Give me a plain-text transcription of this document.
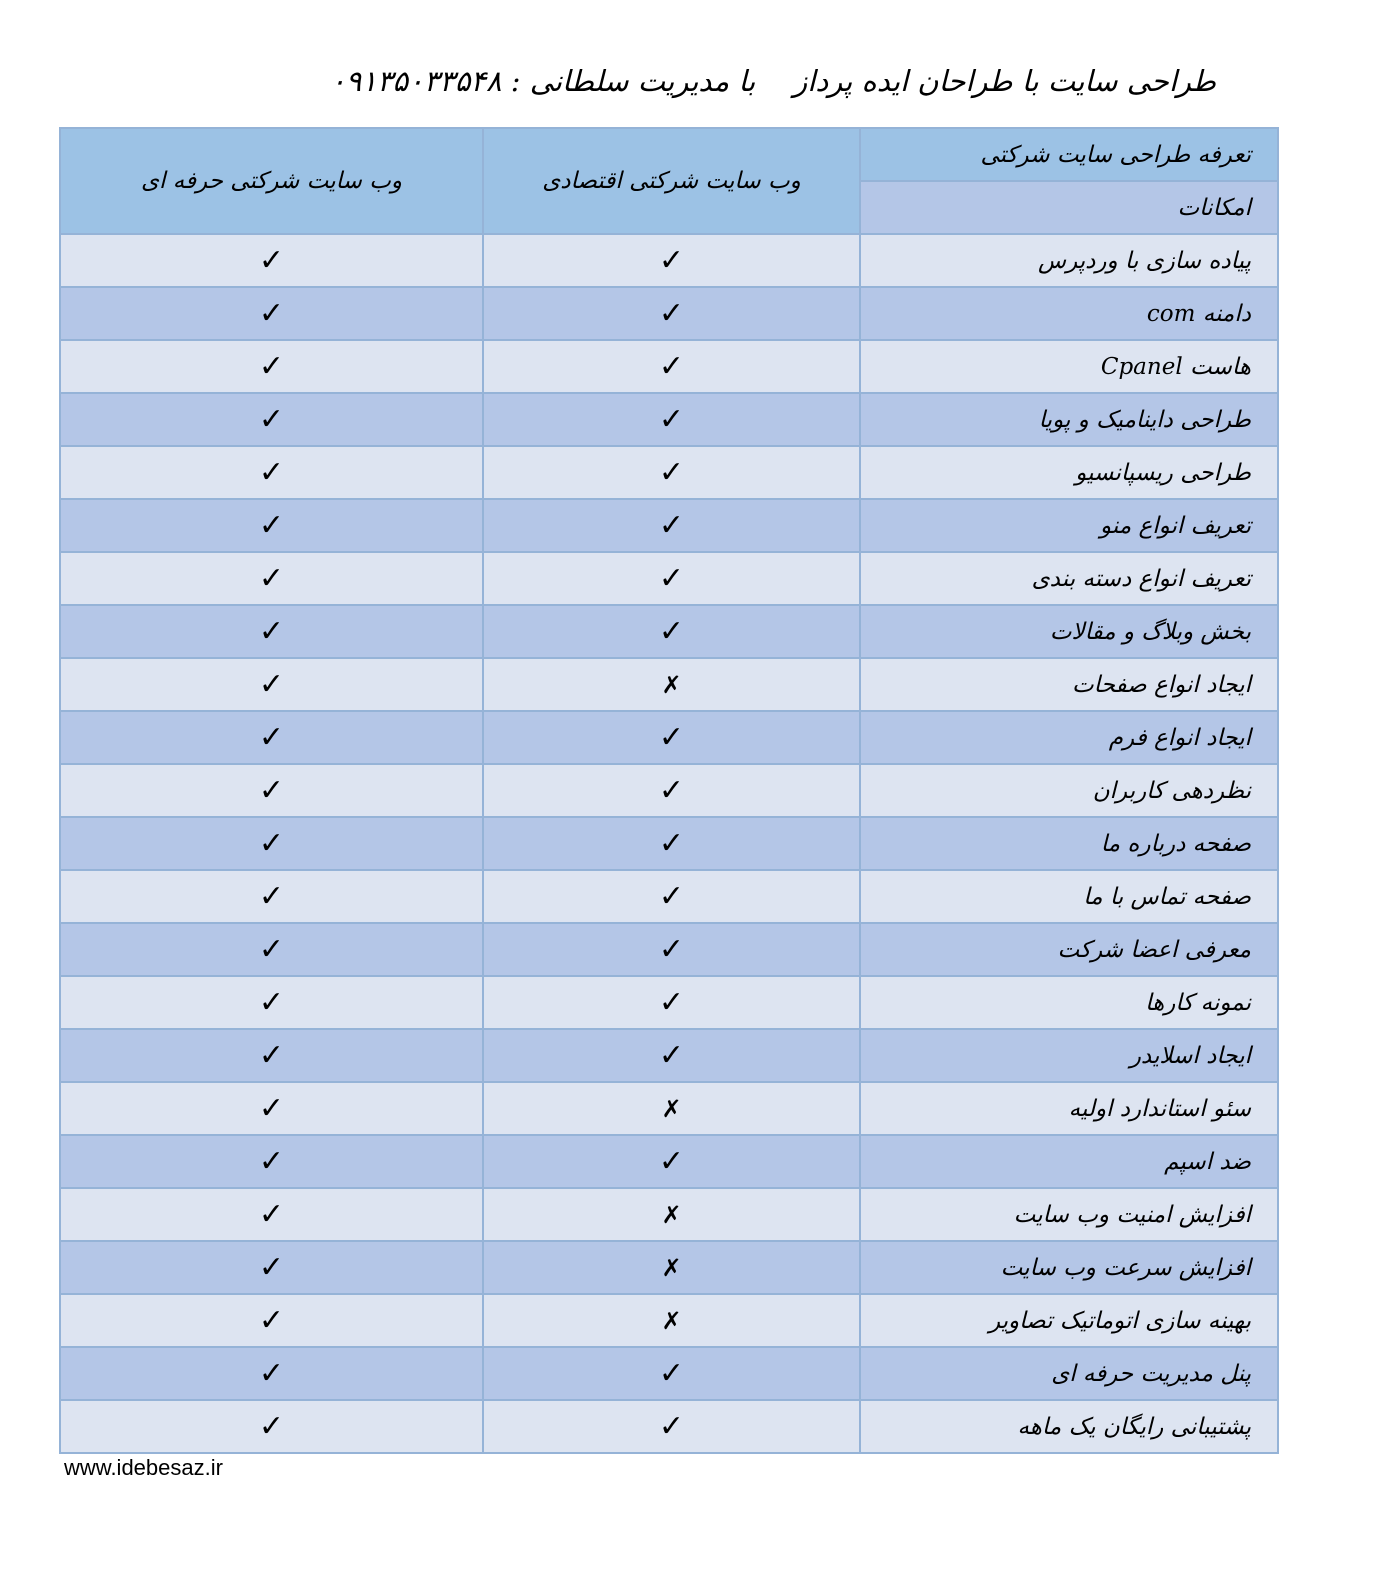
طراحی سایت با طراحان ایده پردازبا مدیریت سلطانی : ۰۹۱۳۵۰۳۳۵۴۸
تعرفه طراحی سایت شرکتی	وب سایت شرکتی اقتصادی	وب سایت شرکتی حرفه ای

امکانات		

پیاده سازی با وردپرس	✓	✓

دامنه com	✓	✓

هاست Cpanel	✓	✓

طراحی داینامیک و پویا	✓	✓

طراحی ریسپانسیو	✓	✓

تعریف انواع منو	✓	✓

تعریف انواع دسته بندی	✓	✓

بخش وبلاگ و مقالات	✓	✓

ایجاد انواع صفحات	✗	✓

ایجاد انواع فرم	✓	✓

نظردهی کاربران	✓	✓

صفحه درباره ما	✓	✓

صفحه تماس با ما	✓	✓

معرفی اعضا شرکت	✓	✓

نمونه کارها	✓	✓

ایجاد اسلایدر	✓	✓

سئو استاندارد اولیه	✗	✓

ضد اسپم	✓	✓

افزایش امنیت وب سایت	✗	✓

افزایش سرعت وب سایت	✗	✓

بهینه سازی اتوماتیک تصاویر	✗	✓

پنل مدیریت حرفه ای	✓	✓

پشتیبانی رایگان یک ماهه	✓	✓
www.idebesaz.ir
